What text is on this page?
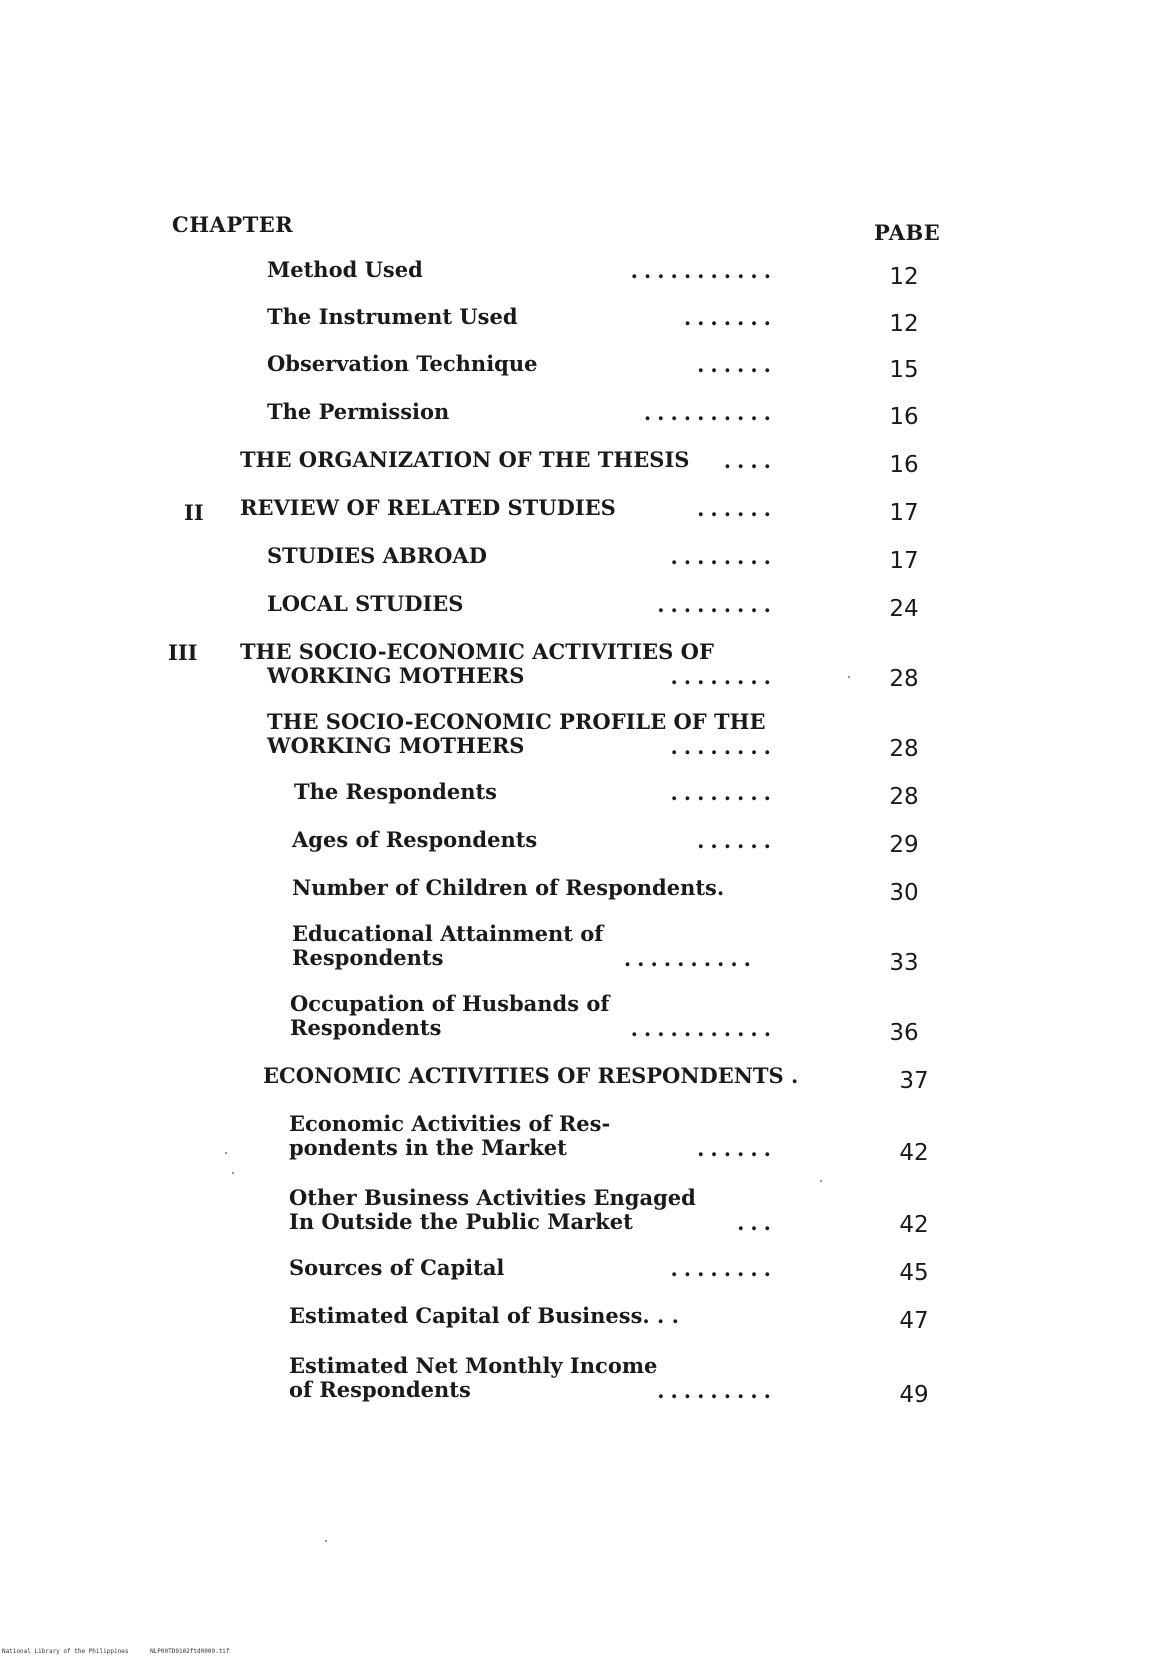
CHAPTER	PABE
Method Used	...........	12
The Instrument Used	.......	12
Observation Technique	......	15
The Permission	..........	16
THE ORGANIZATION OF THE THESIS	....	16
II REVIEW OF RELATED STUDIES	......	17
STUDIES ABROAD	........	17
LOCAL STUDIES	.........	24
III THE SOCIO-ECONOMIC ACTIVITIES OF
WORKING MOTHERS	........	28
THE SOCIO-ECONOMIC PROFILE OF THE
WORKING MOTHERS	........	28
The Respondents	........	28
Ages of Respondents	......	29
Number of Children of Respondents.	30
Educational Attainment of
Respondents	..........	33
Occupation of Husbands of
Respondents	...........	36
ECONOMIC ACTIVITIES OF RESPONDENTS .	37
Economic Activities of Res-
pondents in the Market	......	42
Other Business Activities Engaged
In Outside the Public Market	...	42
Sources of Capital	........	45
Estimated Capital of Business. . .	47
Estimated Net Monthly Income
of Respondents	.........	49
National Library of the Philippines	NLP00TD9102ftd0009.tif
